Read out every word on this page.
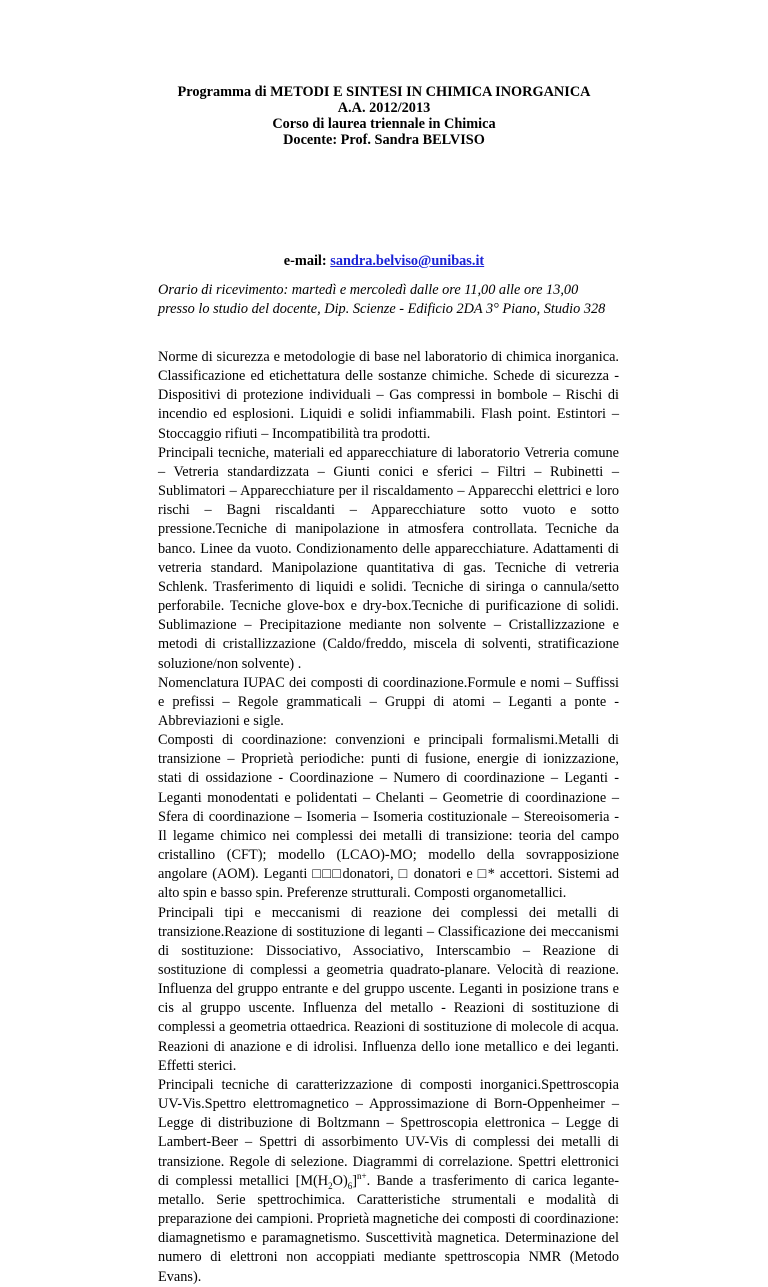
Programma di METODI E SINTESI IN CHIMICA INORGANICA
A.A. 2012/2013
Corso di laurea triennale in Chimica
Docente: Prof. Sandra BELVISO
e-mail: sandra.belviso@unibas.it
Orario di ricevimento: martedì e mercoledì dalle ore 11,00 alle ore 13,00 presso lo studio del docente, Dip. Scienze - Edificio 2DA 3° Piano, Studio 328

Norme di sicurezza e metodologie di base nel laboratorio di chimica inorganica. Classificazione ed etichettatura delle sostanze chimiche. Schede di sicurezza - Dispositivi di protezione individuali – Gas compressi in bombole – Rischi di incendio ed esplosioni. Liquidi e solidi infiammabili. Flash point. Estintori – Stoccaggio rifiuti – Incompatibilità tra prodotti.

Principali tecniche, materiali ed apparecchiature di laboratorio Vetreria comune – Vetreria standardizzata – Giunti conici e sferici – Filtri – Rubinetti – Sublimatori – Apparecchiature per il riscaldamento – Apparecchi elettrici e loro rischi – Bagni riscaldanti – Apparecchiature sotto vuoto e sotto pressione.Tecniche di manipolazione in atmosfera controllata. Tecniche da banco. Linee da vuoto. Condizionamento delle apparecchiature. Adattamenti di vetreria standard. Manipolazione quantitativa di gas. Tecniche di vetreria Schlenk. Trasferimento di liquidi e solidi. Tecniche di siringa o cannula/setto perforabile. Tecniche glove-box e dry-box.Tecniche di purificazione di solidi. Sublimazione – Precipitazione mediante non solvente – Cristallizzazione e metodi di cristallizzazione (Caldo/freddo, miscela di solventi, stratificazione soluzione/non solvente) .

Nomenclatura IUPAC dei composti di coordinazione.Formule e nomi – Suffissi e prefissi – Regole grammaticali – Gruppi di atomi – Leganti a ponte - Abbreviazioni e sigle.

Composti di coordinazione: convenzioni e principali formalismi.Metalli di transizione – Proprietà periodiche: punti di fusione, energie di ionizzazione, stati di ossidazione - Coordinazione – Numero di coordinazione – Leganti - Leganti monodentati e polidentati – Chelanti – Geometrie di coordinazione – Sfera di coordinazione – Isomeria – Isomeria costituzionale – Stereoisomeria - Il legame chimico nei complessi dei metalli di transizione: teoria del campo cristallino (CFT); modello (LCAO)-MO; modello della sovrapposizione angolare (AOM). Leganti □□□donatori, □ donatori e □* accettori. Sistemi ad alto spin e basso spin. Preferenze strutturali. Composti organometallici.

Principali tipi e meccanismi di reazione dei complessi dei metalli di transizione.Reazione di sostituzione di leganti – Classificazione dei meccanismi di sostituzione: Dissociativo, Associativo, Interscambio – Reazione di sostituzione di complessi a geometria quadrato-planare. Velocità di reazione. Influenza del gruppo entrante e del gruppo uscente. Leganti in posizione trans e cis al gruppo uscente. Influenza del metallo - Reazioni di sostituzione di complessi a geometria ottaedrica. Reazioni di sostituzione di molecole di acqua. Reazioni di anazione e di idrolisi. Influenza dello ione metallico e dei leganti. Effetti sterici.

Principali tecniche di caratterizzazione di composti inorganici.Spettroscopia UV-Vis.Spettro elettromagnetico – Approssimazione di Born-Oppenheimer – Legge di distribuzione di Boltzmann – Spettroscopia elettronica – Legge di Lambert-Beer – Spettri di assorbimento UV-Vis di complessi dei metalli di transizione. Regole di selezione. Diagrammi di correlazione. Spettri elettronici di complessi metallici $[M(H_2O)_6]^{n+}$. Bande a trasferimento di carica legante- metallo. Serie spettrochimica. Caratteristiche strumentali e modalità di preparazione dei campioni. Proprietà magnetiche dei composti di coordinazione: diamagnetismo e paramagnetismo. Suscettività magnetica. Determinazione del numero di elettroni non accoppiati mediante spettroscopia NMR (Metodo Evans).
